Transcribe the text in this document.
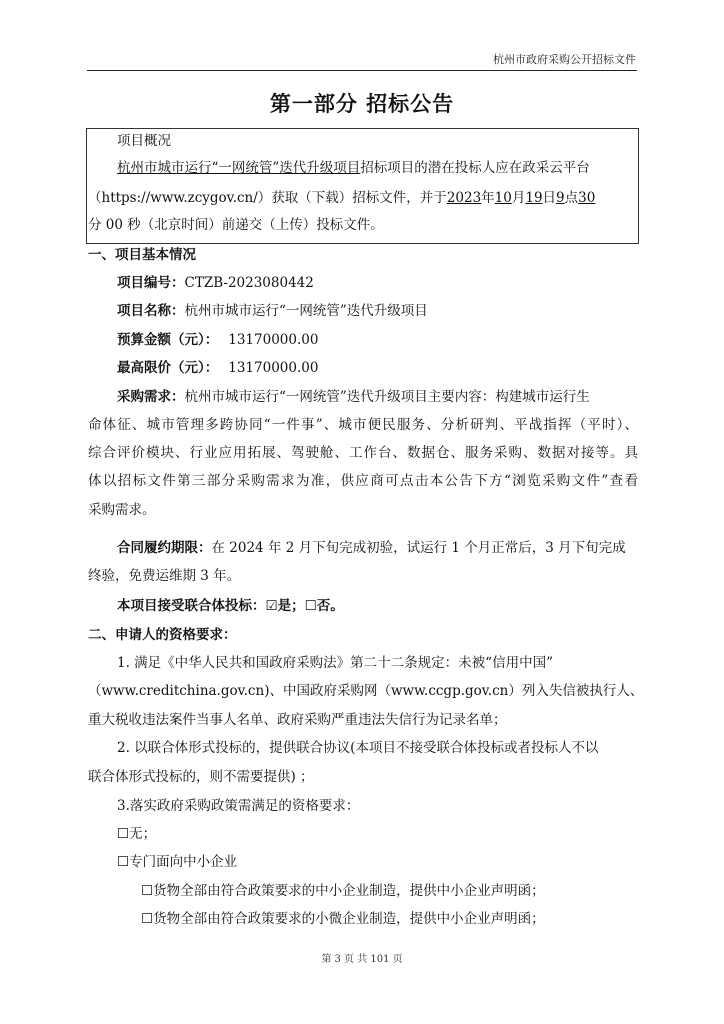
杭州市政府采购公开招标文件
第一部分 招标公告
项目概况
杭州市城市运行“一网统管”迭代升级项目招标项目的潜在投标人应在政采云平台
（https://www.zcygov.cn/）获取（下载）招标文件，并于2023年10月19日9点30
分 00 秒（北京时间）前递交（上传）投标文件。
一、项目基本情况
项目编号：CTZB-2023080442
项目名称：杭州市城市运行“一网统管”迭代升级项目
预算金额（元）： 13170000.00
最高限价（元）： 13170000.00
采购需求：杭州市城市运行“一网统管”迭代升级项目主要内容：构建城市运行生
命体征、城市管理多跨协同“一件事”、城市便民服务、分析研判、平战指挥（平时）、
综合评价模块、行业应用拓展、驾驶舱、工作台、数据仓、服务采购、数据对接等。具
体以招标文件第三部分采购需求为准，供应商可点击本公告下方“浏览采购文件”查看
采购需求。
合同履约期限：在 2024 年 2 月下旬完成初验，试运行 1 个月正常后，3 月下旬完成
终验，免费运维期 3 年。
本项目接受联合体投标：☑是；☐否。
二、申请人的资格要求：
1. 满足《中华人民共和国政府采购法》第二十二条规定：未被“信用中国”
（www.creditchina.gov.cn)、中国政府采购网（www.ccgp.gov.cn）列入失信被执行人、
重大税收违法案件当事人名单、政府采购严重违法失信行为记录名单；
2. 以联合体形式投标的，提供联合协议(本项目不接受联合体投标或者投标人不以
联合体形式投标的，则不需要提供) ；
3.落实政府采购政策需满足的资格要求：
☐无；
☐专门面向中小企业
☐货物全部由符合政策要求的中小企业制造，提供中小企业声明函；
☐货物全部由符合政策要求的小微企业制造，提供中小企业声明函；
第 3 页 共 101 页
